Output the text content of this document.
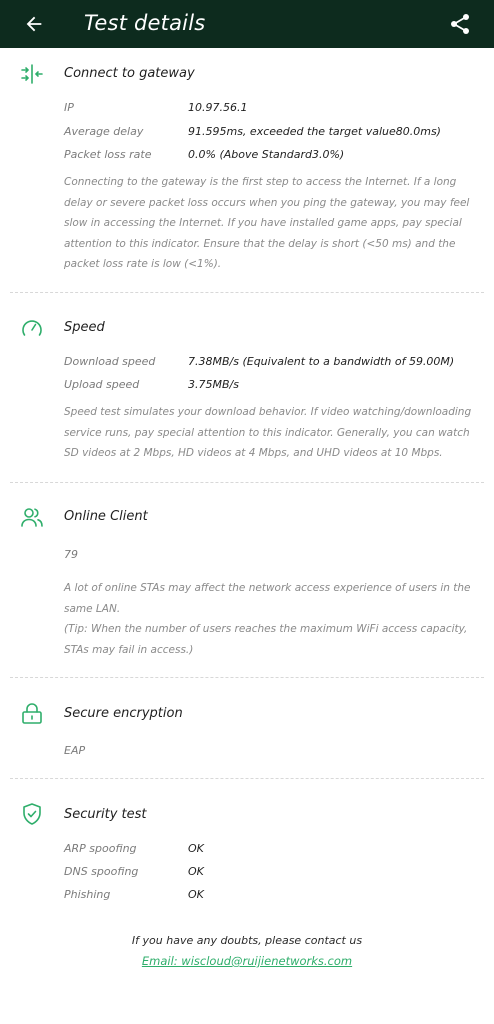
Test details
Connect to gateway
IP	10.97.56.1
Average delay	91.595ms, exceeded the target value80.0ms)
Packet loss rate	0.0% (Above Standard3.0%)
Connecting to the gateway is the first step to access the Internet. If a long delay or severe packet loss occurs when you ping the gateway, you may feel slow in accessing the Internet. If you have installed game apps, pay special attention to this indicator. Ensure that the delay is short (<50 ms) and the packet loss rate is low (<1%).
Speed
Download speed	7.38MB/s (Equivalent to a bandwidth of 59.00M)
Upload speed	3.75MB/s
Speed test simulates your download behavior. If video watching/downloading service runs, pay special attention to this indicator. Generally, you can watch SD videos at 2 Mbps, HD videos at 4 Mbps, and UHD videos at 10 Mbps.
Online Client
79
A lot of online STAs may affect the network access experience of users in the same LAN.
(Tip: When the number of users reaches the maximum WiFi access capacity, STAs may fail in access.)
Secure encryption
EAP
Security test
ARP spoofing	OK
DNS spoofing	OK
Phishing	OK
If you have any doubts, please contact us
Email: wiscloud@ruijienetworks.com
